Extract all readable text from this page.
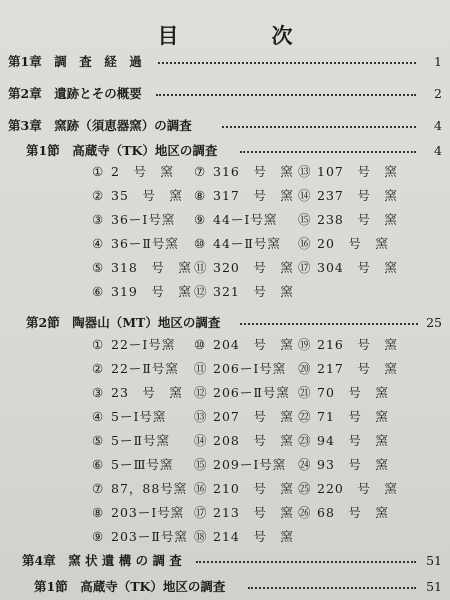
目　次
第1章　調　査　経　過	1
第2章　遺跡とその概要	2
第3章　窯跡（須恵器窯）の調査	4
第1節　高蔵寺（TK）地区の調査	4
① 2　号　窯
② 35　号　窯
③ 36ーⅠ号窯
④ 36ーⅡ号窯
⑤ 318　号　窯
⑥ 319　号　窯
⑦ 316　号　窯
⑧ 317　号　窯
⑨ 44ーⅠ号窯
⑩ 44ーⅡ号窯
⑪ 320　号　窯
⑫ 321　号　窯
⑬ 107　号　窯
⑭ 237　号　窯
⑮ 238　号　窯
⑯ 20　号　窯
⑰ 304　号　窯
第2節　陶器山（MT）地区の調査	25
① 22ーⅠ号窯
② 22ーⅡ号窯
③ 23　号　窯
④ 5ーⅠ号窯
⑤ 5ーⅡ号窯
⑥ 5ーⅢ号窯
⑦ 87，88号窯
⑧ 203ーⅠ号窯
⑨ 203ーⅡ号窯
⑩ 204　号　窯
⑪ 206ーⅠ号窯
⑫ 206ーⅡ号窯
⑬ 207　号　窯
⑭ 208　号　窯
⑮ 209ーⅠ号窯
⑯ 210　号　窯
⑰ 213　号　窯
⑱ 214　号　窯
⑲ 216　号　窯
⑳ 217　号　窯
㉑ 70　号　窯
㉒ 71　号　窯
㉓ 94　号　窯
㉔ 93　号　窯
㉕ 220　号　窯
㉖ 68　号　窯
第4章　窯 状 遺 構 の 調 査	51
第1節　高蔵寺（TK）地区の調査	51
